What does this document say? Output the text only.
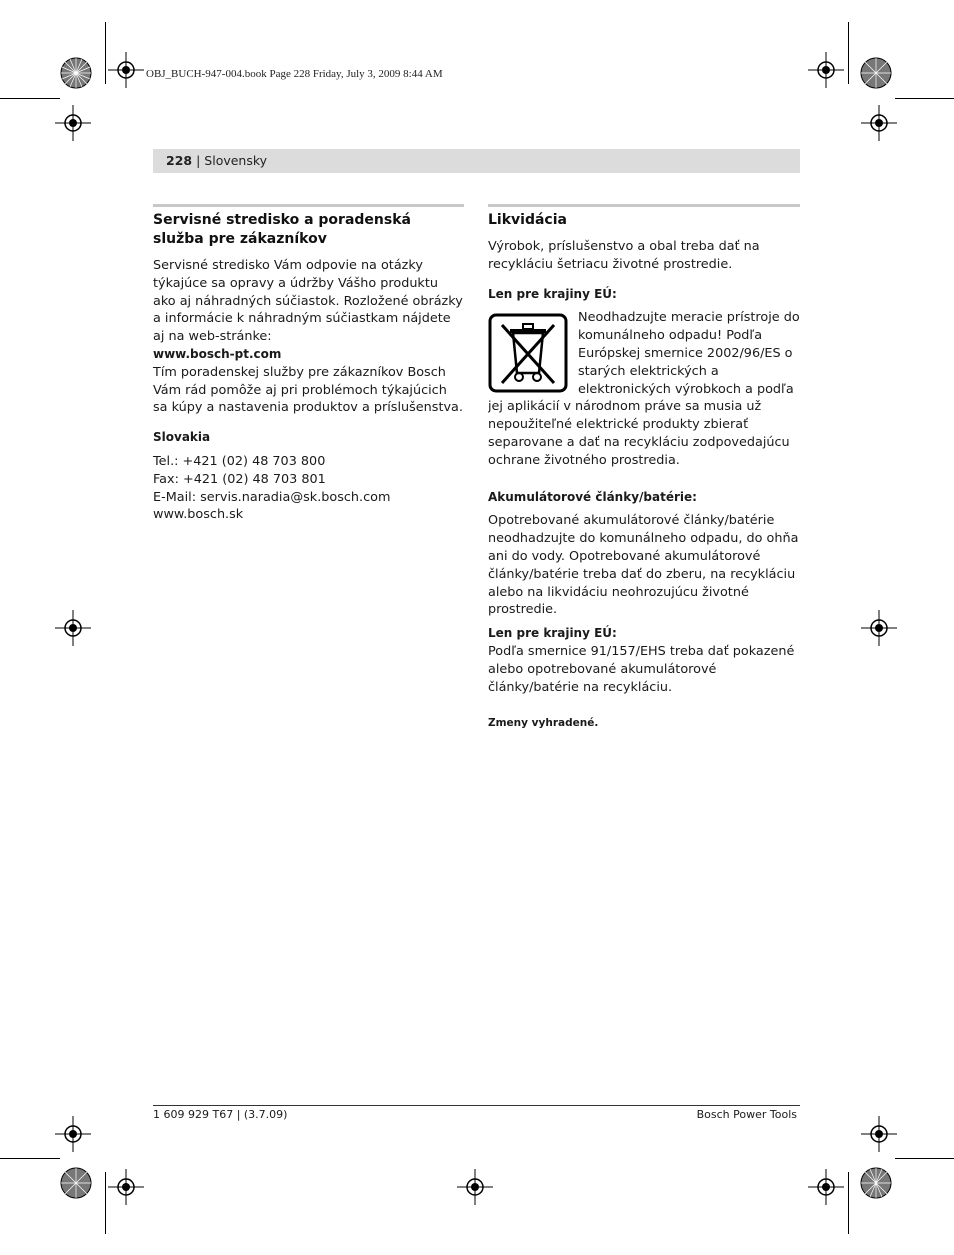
OBJ_BUCH-947-004.book Page 228 Friday, July 3, 2009 8:44 AM
228 | Slovensky
Servisné stredisko a poradenská služba pre zákazníkov

Servisné stredisko Vám odpovie na otázky týkajúce sa opravy a údržby Vášho produktu ako aj náhradných súčiastok. Rozložené obrázky a informácie k náhradným súčiastkam nájdete aj na web-stránke:

www.bosch-pt.com

Tím poradenskej služby pre zákazníkov Bosch Vám rád pomôže aj pri problémoch týkajúcich sa kúpy a nastavenia produktov a príslušenstva.

Slovakia

Tel.: +421 (02) 48 703 800

Fax: +421 (02) 48 703 801

E-Mail: servis.naradia@sk.bosch.com

www.bosch.sk

Likvidácia

Výrobok, príslušenstvo a obal treba dať na recykláciu šetriacu životné prostredie.

Len pre krajiny EÚ:

Neodhadzujte meracie prístroje do komunálneho odpadu! Podľa Európskej smernice 2002/96/ES o starých elektrických a elektronických výrobkoch a podľa jej aplikácií v národnom práve sa musia už nepoužiteľné elektrické produkty zbierať separovane a dať na recykláciu zodpovedajúcu ochrane životného prostredia.

Akumulátorové články/batérie:

Opotrebované akumulátorové články/batérie neodhadzujte do komunálneho odpadu, do ohňa ani do vody. Opotrebované akumulátorové články/batérie treba dať do zberu, na recykláciu alebo na likvidáciu neohrozujúcu životné prostredie.

Len pre krajiny EÚ:

Podľa smernice 91/157/EHS treba dať pokazené alebo opotrebované akumulátorové články/batérie na recykláciu.

Zmeny vyhradené.

1 609 929 T67 | (3.7.09)	Bosch Power Tools
